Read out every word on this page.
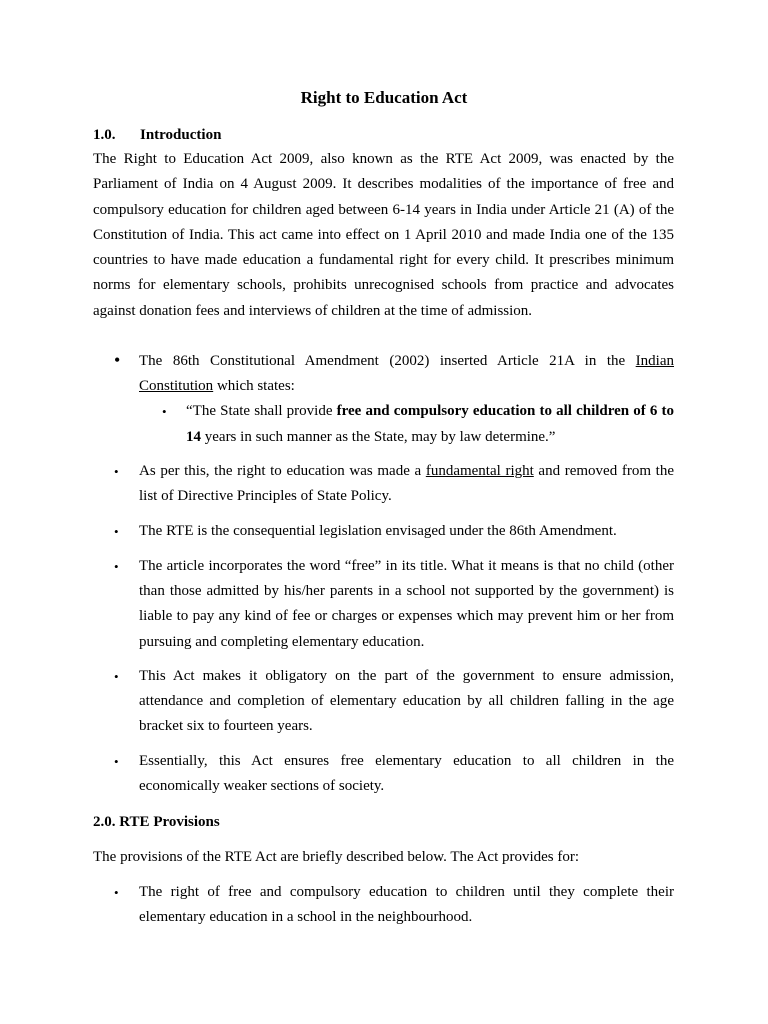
Right to Education Act
1.0. Introduction

The Right to Education Act 2009, also known as the RTE Act 2009, was enacted by the Parliament of India on 4 August 2009. It describes modalities of the importance of free and compulsory education for children aged between 6-14 years in India under Article 21 (A) of the Constitution of India. This act came into effect on 1 April 2010 and made India one of the 135 countries to have made education a fundamental right for every child. It prescribes minimum norms for elementary schools, prohibits unrecognised schools from practice and advocates against donation fees and interviews of children at the time of admission.

• The 86th Constitutional Amendment (2002) inserted Article 21A in the Indian Constitution which states:
• “The State shall provide free and compulsory education to all children of 6 to 14 years in such manner as the State, may by law determine.”
• As per this, the right to education was made a fundamental right and removed from the list of Directive Principles of State Policy.
• The RTE is the consequential legislation envisaged under the 86th Amendment.
• The article incorporates the word “free” in its title. What it means is that no child (other than those admitted by his/her parents in a school not supported by the government) is liable to pay any kind of fee or charges or expenses which may prevent him or her from pursuing and completing elementary education.
• This Act makes it obligatory on the part of the government to ensure admission, attendance and completion of elementary education by all children falling in the age bracket six to fourteen years.
• Essentially, this Act ensures free elementary education to all children in the economically weaker sections of society.
2.0. RTE Provisions
The provisions of the RTE Act are briefly described below. The Act provides for:
• The right of free and compulsory education to children until they complete their elementary education in a school in the neighbourhood.
